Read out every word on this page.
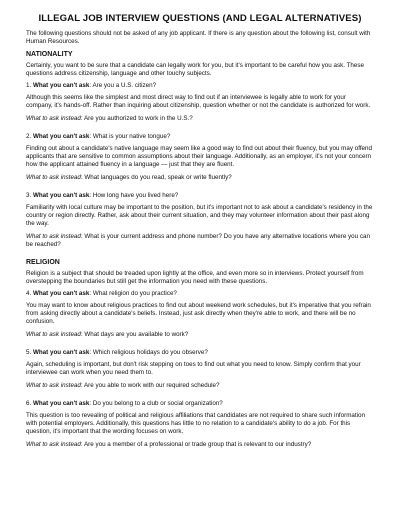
ILLEGAL JOB INTERVIEW QUESTIONS (AND LEGAL ALTERNATIVES)

The following questions should not be asked of any job applicant. If there is any question about the following list, consult with Human Resources.

NATIONALITY

Certainly, you want to be sure that a candidate can legally work for you, but it's important to be careful how you ask. These questions address citizenship, language and other touchy subjects.

1. What you can't ask: Are you a U.S. citizen?

Although this seems like the simplest and most direct way to find out if an interviewee is legally able to work for your company, it's hands-off. Rather than inquiring about citizenship, question whether or not the candidate is authorized for work.

What to ask instead: Are you authorized to work in the U.S.?

2. What you can't ask: What is your native tongue?

Finding out about a candidate's native language may seem like a good way to find out about their fluency, but you may offend applicants that are sensitive to common assumptions about their language. Additionally, as an employer, it's not your concern how the applicant attained fluency in a language — just that they are fluent.

What to ask instead: What languages do you read, speak or write fluently?

3. What you can't ask: How long have you lived here?

Familiarity with local culture may be important to the position, but it's important not to ask about a candidate's residency in the country or region directly. Rather, ask about their current situation, and they may volunteer information about their past along the way.

What to ask instead: What is your current address and phone number? Do you have any alternative locations where you can be reached?

RELIGION

Religion is a subject that should be treaded upon lightly at the office, and even more so in interviews. Protect yourself from overstepping the boundaries but still get the information you need with these questions.

4. What you can't ask: What religion do you practice?

You may want to know about religious practices to find out about weekend work schedules, but it's imperative that you refrain from asking directly about a candidate's beliefs. Instead, just ask directly when they're able to work, and there will be no confusion.

What to ask instead: What days are you available to work?

5. What you can't ask: Which religious holidays do you observe?

Again, scheduling is important, but don't risk stepping on toes to find out what you need to know. Simply confirm that your interviewee can work when you need them to.

What to ask instead: Are you able to work with our required schedule?

6. What you can't ask: Do you belong to a club or social organization?

This question is too revealing of political and religious affiliations that candidates are not required to share such information with potential employers. Additionally, this questions has little to no relation to a candidate's ability to do a job. For this question, it's important that the wording focuses on work.

What to ask instead: Are you a member of a professional or trade group that is relevant to our industry?
